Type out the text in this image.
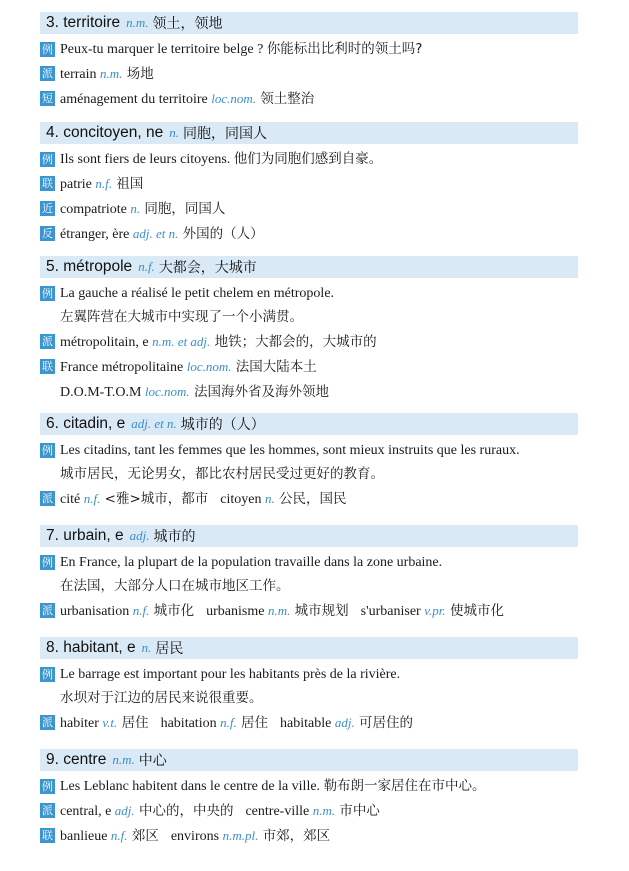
3. territoire n.m. 领土，领地
例 Peux-tu marquer le territoire belge ? 你能标出比利时的领土吗?
派 terrain n.m. 场地
短 aménagement du territoire loc.nom. 领土整治
4. concitoyen, ne n. 同胞，同国人
例 Ils sont fiers de leurs citoyens. 他们为同胞们感到自豪。
联 patrie n.f. 祖国
近 compatriote n. 同胞，同国人
反 étranger, ère adj. et n. 外国的（人）
5. métropole n.f. 大都会，大城市
例 La gauche a réalisé le petit chelem en métropole.
左翼阵营在大城市中实现了一个小满贯。
派 métropolitain, e n.m. et adj. 地铁；大都会的，大城市的
联 France métropolitaine loc.nom. 法国大陆本土
D.O.M-T.O.M loc.nom. 法国海外省及海外领地
6. citadin, e adj. et n. 城市的（人）
例 Les citadins, tant les femmes que les hommes, sont mieux instruits que les ruraux.
城市居民，无论男女，都比农村居民受过更好的教育。
派 cité n.f. <雅>城市，都市 citoyen n. 公民，国民
7. urbain, e adj. 城市的
例 En France, la plupart de la population travaille dans la zone urbaine.
在法国，大部分人口在城市地区工作。
派 urbanisation n.f. 城市化 urbanisme n.m. 城市规划 s'urbaniser v.pr. 使城市化
8. habitant, e n. 居民
例 Le barrage est important pour les habitants près de la rivière.
水坝对于江边的居民来说很重要。
派 habiter v.t. 居住 habitation n.f. 居住 habitable adj. 可居住的
9. centre n.m. 中心
例 Les Leblanc habitent dans le centre de la ville. 勒布朗一家居住在市中心。
派 central, e adj. 中心的，中央的 centre-ville n.m. 市中心
联 banlieue n.f. 郊区 environs n.m.pl. 市郊，郊区
